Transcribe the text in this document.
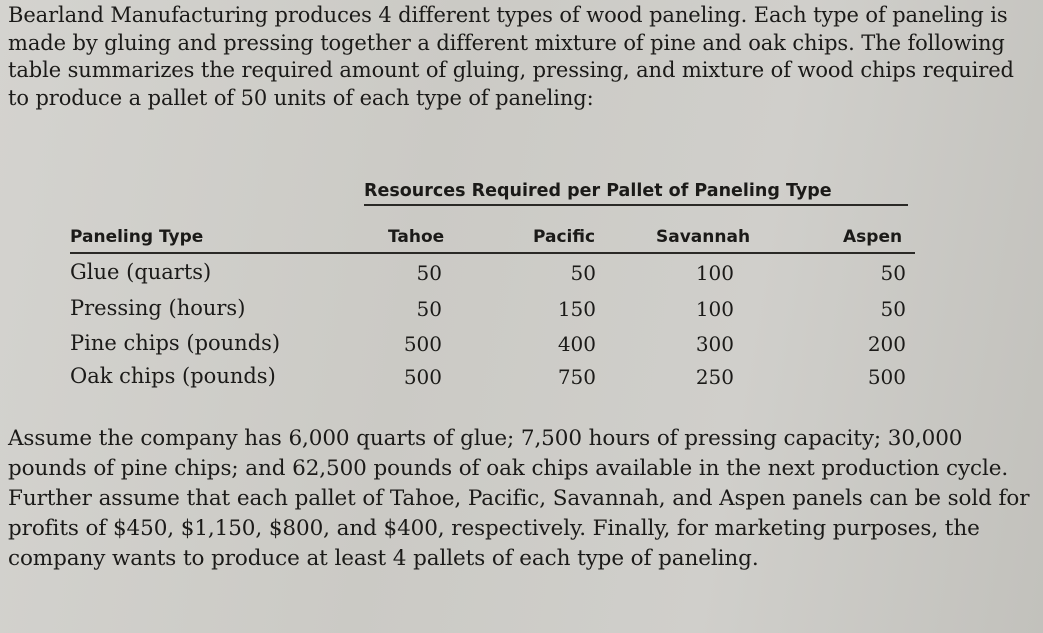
Bearland Manufacturing produces 4 different types of wood paneling. Each type of paneling is made by gluing and pressing together a different mixture of pine and oak chips. The following table summarizes the required amount of gluing, pressing, and mixture of wood chips required to produce a pallet of 50 units of each type of paneling:

Resources Required per Pallet of Paneling Type
Paneling Type	Tahoe	Pacific	Savannah	Aspen
Glue (quarts)	50	50	100	50
Pressing (hours)	50	150	100	50
Pine chips (pounds)	500	400	300	200
Oak chips (pounds)	500	750	250	500

Assume the company has 6,000 quarts of glue; 7,500 hours of pressing capacity; 30,000 pounds of pine chips; and 62,500 pounds of oak chips available in the next production cycle. Further assume that each pallet of Tahoe, Pacific, Savannah, and Aspen panels can be sold for profits of $450, $1,150, $800, and $400, respectively. Finally, for marketing purposes, the company wants to produce at least 4 pallets of each type of paneling.
